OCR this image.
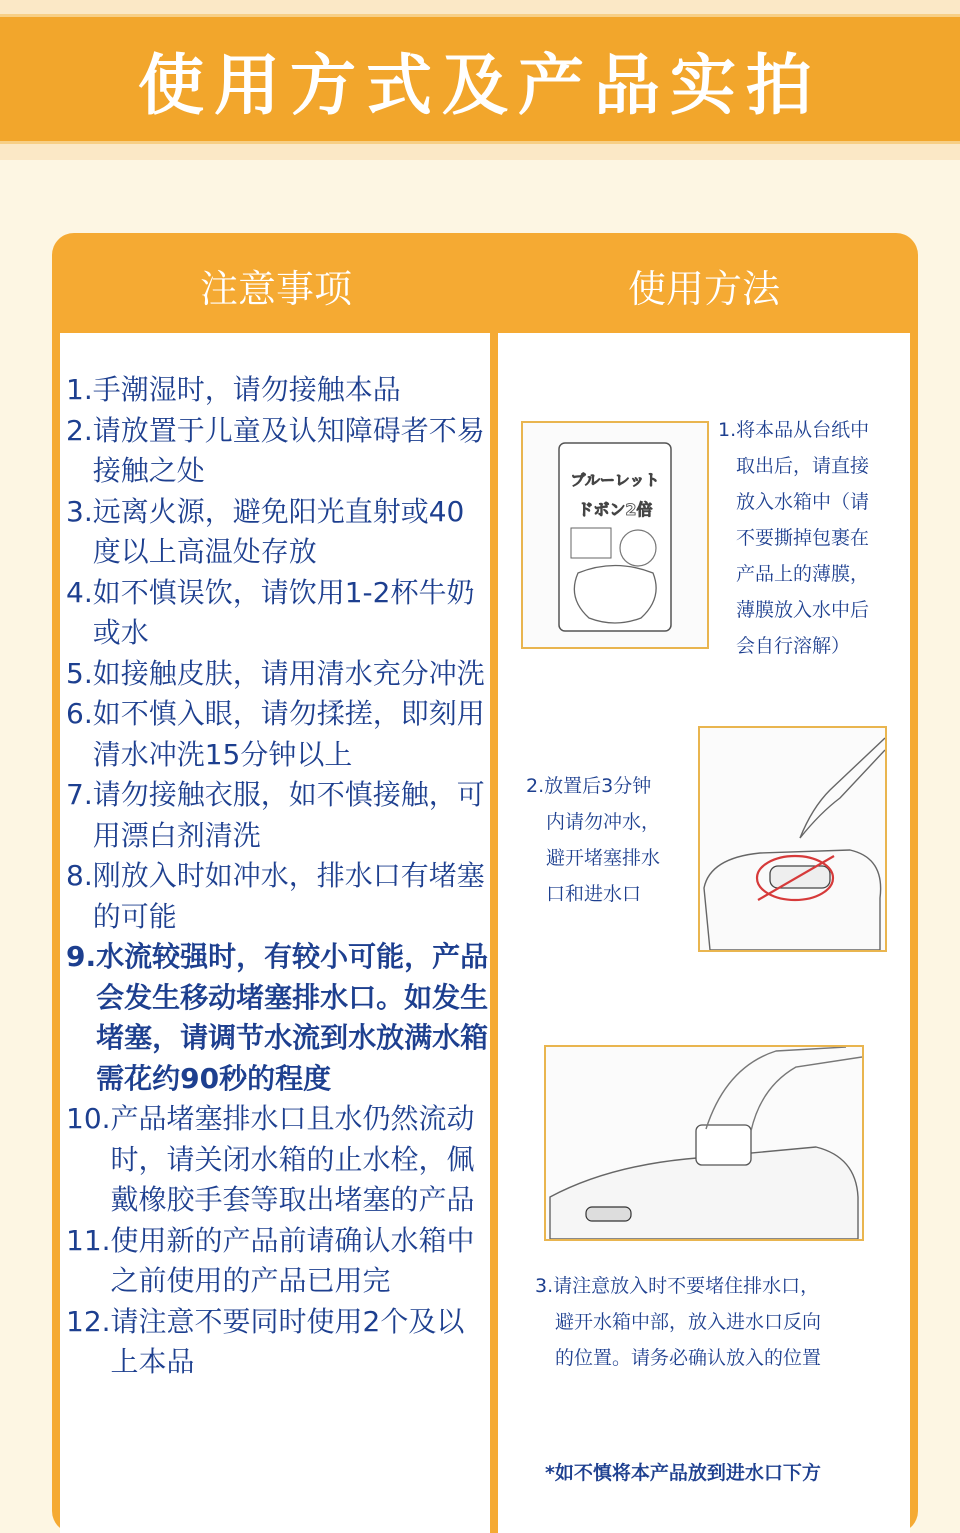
使用方式及产品实拍
注意事项	使用方法
1. 手潮湿时，请勿接触本品
2. 请放置于儿童及认知障碍者不易接触之处
3. 远离火源，避免阳光直射或40度以上高温处存放
4. 如不慎误饮，请饮用1-2杯牛奶或水
5. 如接触皮肤，请用清水充分冲洗
6. 如不慎入眼，请勿揉搓，即刻用清水冲洗15分钟以上
7. 请勿接触衣服，如不慎接触，可用漂白剂清洗
8. 刚放入时如冲水，排水口有堵塞的可能
9. 水流较强时，有较小可能，产品会发生移动堵塞排水口。如发生堵塞，请调节水流到水放满水箱需花约90秒的程度
10. 产品堵塞排水口且水仍然流动时，请关闭水箱的止水栓，佩戴橡胶手套等取出堵塞的产品
11. 使用新的产品前请确认水箱中之前使用的产品已用完
12. 请注意不要同时使用2个及以上本品
ブルーレット
ドボン2倍
1.将本品从台纸中
取出后，请直接
放入水箱中（请
不要撕掉包裹在
产品上的薄膜，
薄膜放入水中后
会自行溶解）
2.放置后3分钟
内请勿冲水，
避开堵塞排水
口和进水口
3.请注意放入时不要堵住排水口，
避开水箱中部，放入进水口反向
的位置。请务必确认放入的位置
*如不慎将本产品放到进水口下方
